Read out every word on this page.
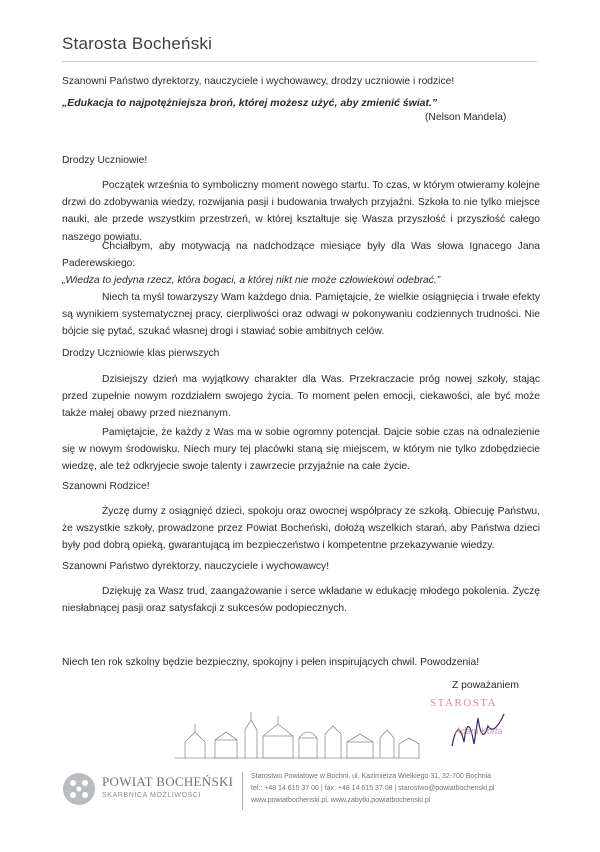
Starosta Bocheński

Szanowni Państwo dyrektorzy, nauczyciele i wychowawcy, drodzy uczniowie i rodzice!

„Edukacja to najpotężniejsza broń, której możesz użyć, aby zmienić świat.”

(Nelson Mandela)

Drodzy Uczniowie!

Początek września to symboliczny moment nowego startu. To czas, w którym otwieramy kolejne drzwi do zdobywania wiedzy, rozwijania pasji i budowania trwałych przyjaźni. Szkoła to nie tylko miejsce nauki, ale przede wszystkim przestrzeń, w której kształtuje się Wasza przyszłość i przyszłość całego naszego powiatu.

Chciałbym, aby motywacją na nadchodzące miesiące były dla Was słowa Ignacego Jana Paderewskiego:

„Wiedza to jedyna rzecz, która bogaci, a której nikt nie może człowiekowi odebrać.”

Niech ta myśl towarzyszy Wam każdego dnia. Pamiętajcie, że wielkie osiągnięcia i trwałe efekty są wynikiem systematycznej pracy, cierpliwości oraz odwagi w pokonywaniu codziennych trudności. Nie bójcie się pytać, szukać własnej drogi i stawiać sobie ambitnych celów.

Drodzy Uczniowie klas pierwszych

Dzisiejszy dzień ma wyjątkowy charakter dla Was. Przekraczacie próg nowej szkoły, stając przed zupełnie nowym rozdziałem swojego życia. To moment pełen emocji, ciekawości, ale być może także małej obawy przed nieznanym.

Pamiętajcie, że każdy z Was ma w sobie ogromny potencjał. Dajcie sobie czas na odnalezienie się w nowym środowisku. Niech mury tej placówki staną się miejscem, w którym nie tylko zdobędziecie wiedzę, ale też odkryjecie swoje talenty i zawrzecie przyjaźnie na całe życie.

Szanowni Rodzice!

Życzę dumy z osiągnięć dzieci, spokoju oraz owocnej współpracy ze szkołą. Obiecuję Państwu, że wszystkie szkoły, prowadzone przez Powiat Bocheński, dołożą wszelkich starań, aby Państwa dzieci były pod dobrą opieką, gwarantującą im bezpieczeństwo i kompetentne przekazywanie wiedzy.

Szanowni Państwo dyrektorzy, nauczyciele i wychowawcy!

Dziękuję za Wasz trud, zaangażowanie i serce wkładane w edukację młodego pokolenia. Życzę niesłabnącej pasji oraz satysfakcji z sukcesów podopiecznych.

Niech ten rok szkolny będzie bezpieczny, spokojny i pełen inspirujących chwil. Powodzenia!

Z poważaniem
STAROSTA
Adam Korta
POWIAT BOCHEŃSKI
SKARBNICA MOŻLIWOŚCI
Starostwo Powiatowe w Bochni, ul. Kazimierza Wielkiego 31, 32-700 Bochnia
tel.: +48 14 615 37 00 | fax: +48 14 615 37 08 | starostwo@powiatbochenski.pl
www.powiatbochenski.pl, www.zabytki.powiatbochenski.pl
